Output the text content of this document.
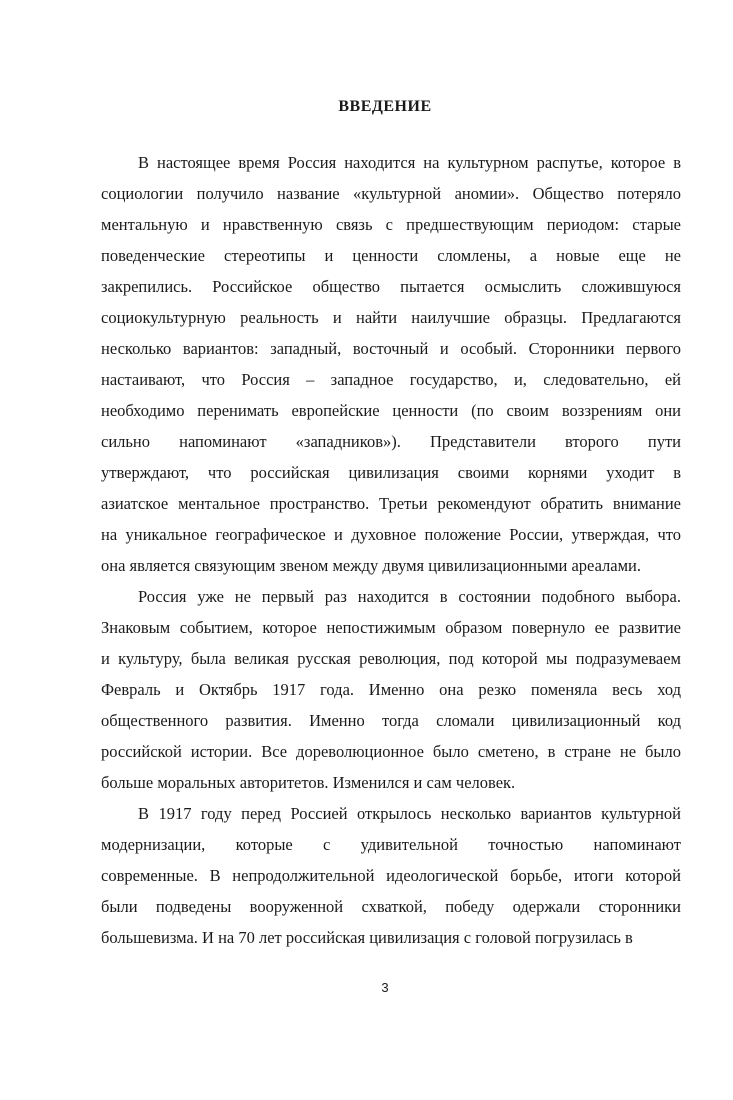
ВВЕДЕНИЕ
В настоящее время Россия находится на культурном распутье, которое в
социологии получило название «культурной аномии». Общество потеряло
ментальную и нравственную связь с предшествующим периодом: старые
поведенческие стереотипы и ценности сломлены, а новые еще не
закрепились. Российское общество пытается осмыслить сложившуюся
социокультурную реальность и найти наилучшие образцы. Предлагаются
несколько вариантов: западный, восточный и особый. Сторонники первого
настаивают, что Россия – западное государство, и, следовательно, ей
необходимо перенимать европейские ценности (по своим воззрениям они
сильно напоминают «западников»). Представители второго пути
утверждают, что российская цивилизация своими корнями уходит в
азиатское ментальное пространство. Третьи рекомендуют обратить внимание
на уникальное географическое и духовное положение России, утверждая, что
она является связующим звеном между двумя цивилизационными ареалами.
Россия уже не первый раз находится в состоянии подобного выбора.
Знаковым событием, которое непостижимым образом повернуло ее развитие
и культуру, была великая русская революция, под которой мы подразумеваем
Февраль и Октябрь 1917 года. Именно она резко поменяла весь ход
общественного развития. Именно тогда сломали цивилизационный код
российской истории. Все дореволюционное было сметено, в стране не было
больше моральных авторитетов. Изменился и сам человек.
В 1917 году перед Россией открылось несколько вариантов культурной
модернизации, которые с удивительной точностью напоминают
современные. В непродолжительной идеологической борьбе, итоги которой
были подведены вооруженной схваткой, победу одержали сторонники
большевизма. И на 70 лет российская цивилизация с головой погрузилась в
3
